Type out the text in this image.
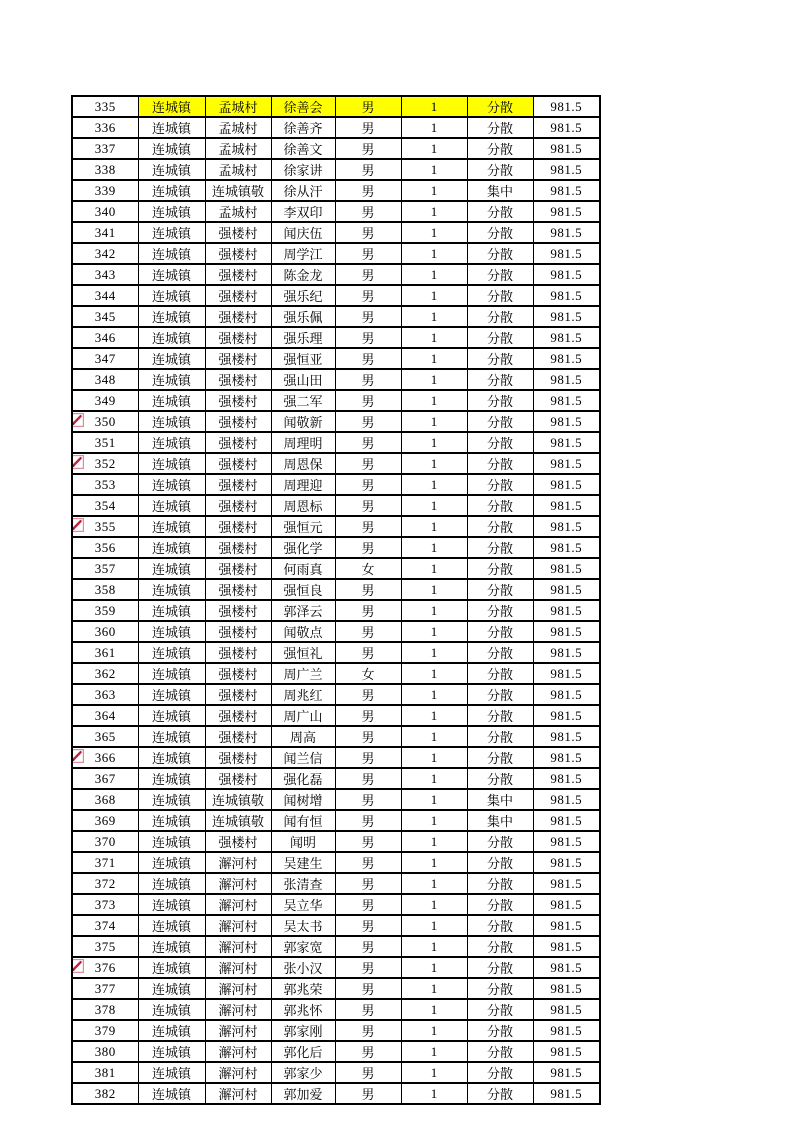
335	连城镇	孟城村	徐善会	男	1	分散	981.5
336	连城镇	孟城村	徐善齐	男	1	分散	981.5
337	连城镇	孟城村	徐善文	男	1	分散	981.5
338	连城镇	孟城村	徐家讲	男	1	分散	981.5
339	连城镇	连城镇敬	徐从汗	男	1	集中	981.5
340	连城镇	孟城村	李双印	男	1	分散	981.5
341	连城镇	强楼村	闻庆伍	男	1	分散	981.5
342	连城镇	强楼村	周学江	男	1	分散	981.5
343	连城镇	强楼村	陈金龙	男	1	分散	981.5
344	连城镇	强楼村	强乐纪	男	1	分散	981.5
345	连城镇	强楼村	强乐佩	男	1	分散	981.5
346	连城镇	强楼村	强乐理	男	1	分散	981.5
347	连城镇	强楼村	强恒亚	男	1	分散	981.5
348	连城镇	强楼村	强山田	男	1	分散	981.5
349	连城镇	强楼村	强二军	男	1	分散	981.5

350	连城镇	强楼村	闻敬新	男	1	分散	981.5
351	连城镇	强楼村	周理明	男	1	分散	981.5

352	连城镇	强楼村	周恩保	男	1	分散	981.5
353	连城镇	强楼村	周理迎	男	1	分散	981.5
354	连城镇	强楼村	周恩标	男	1	分散	981.5

355	连城镇	强楼村	强恒元	男	1	分散	981.5
356	连城镇	强楼村	强化学	男	1	分散	981.5
357	连城镇	强楼村	何雨真	女	1	分散	981.5
358	连城镇	强楼村	强恒良	男	1	分散	981.5
359	连城镇	强楼村	郭泽云	男	1	分散	981.5
360	连城镇	强楼村	闻敬点	男	1	分散	981.5
361	连城镇	强楼村	强恒礼	男	1	分散	981.5
362	连城镇	强楼村	周广兰	女	1	分散	981.5
363	连城镇	强楼村	周兆红	男	1	分散	981.5
364	连城镇	强楼村	周广山	男	1	分散	981.5
365	连城镇	强楼村	周高	男	1	分散	981.5

366	连城镇	强楼村	闻兰信	男	1	分散	981.5
367	连城镇	强楼村	强化磊	男	1	分散	981.5
368	连城镇	连城镇敬	闻树增	男	1	集中	981.5
369	连城镇	连城镇敬	闻有恒	男	1	集中	981.5
370	连城镇	强楼村	闻明	男	1	分散	981.5
371	连城镇	澥河村	吴建生	男	1	分散	981.5
372	连城镇	澥河村	张清查	男	1	分散	981.5
373	连城镇	澥河村	吴立华	男	1	分散	981.5
374	连城镇	澥河村	吴太书	男	1	分散	981.5
375	连城镇	澥河村	郭家宽	男	1	分散	981.5

376	连城镇	澥河村	张小汉	男	1	分散	981.5
377	连城镇	澥河村	郭兆荣	男	1	分散	981.5
378	连城镇	澥河村	郭兆怀	男	1	分散	981.5
379	连城镇	澥河村	郭家刚	男	1	分散	981.5
380	连城镇	澥河村	郭化后	男	1	分散	981.5
381	连城镇	澥河村	郭家少	男	1	分散	981.5
382	连城镇	澥河村	郭加爱	男	1	分散	981.5
